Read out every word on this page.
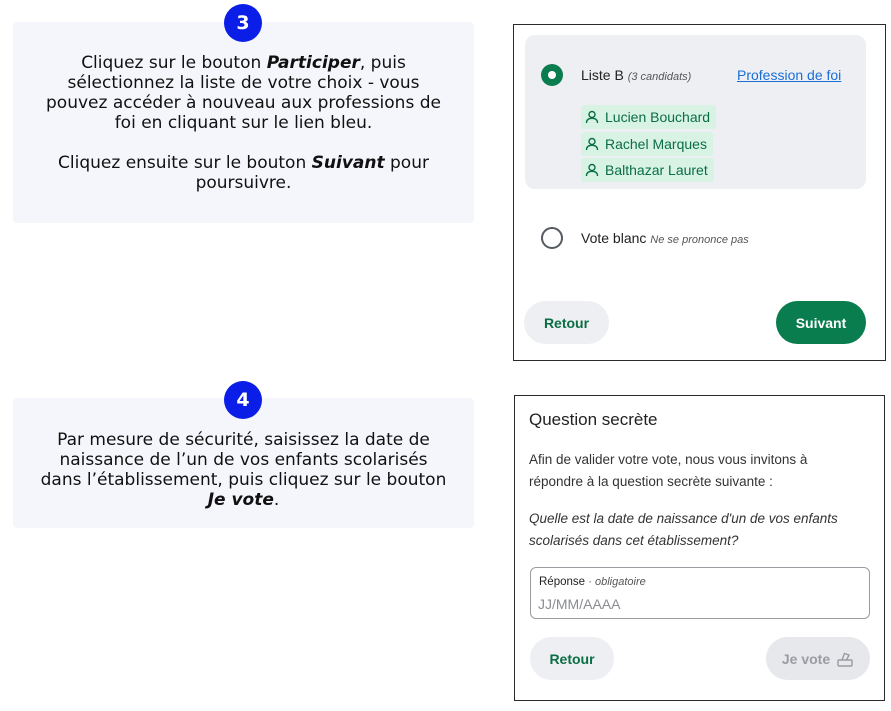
Cliquez sur le bouton Participer, puis

sélectionnez la liste de votre choix - vous

pouvez accéder à nouveau aux professions de

foi en cliquant sur le lien bleu.

Cliquez ensuite sur le bouton Suivant pour

poursuivre.

3

Par mesure de sécurité, saisissez la date de

naissance de l’un de vos enfants scolarisés

dans l’établissement, puis cliquez sur le bouton

Je vote.

4
Liste B (3 candidats)	Profession de foi
Lucien Bouchard
Rachel Marques
Balthazar Lauret
Vote blanc Ne se prononce pas
Retour	Suivant
Question secrète
Afin de valider votre vote, nous vous invitons à
répondre à la question secrète suivante :
Quelle est la date de naissance d'un de vos enfants
scolarisés dans cet établissement?
Réponse · obligatoire
JJ/MM/AAAA
Retour	Je vote
